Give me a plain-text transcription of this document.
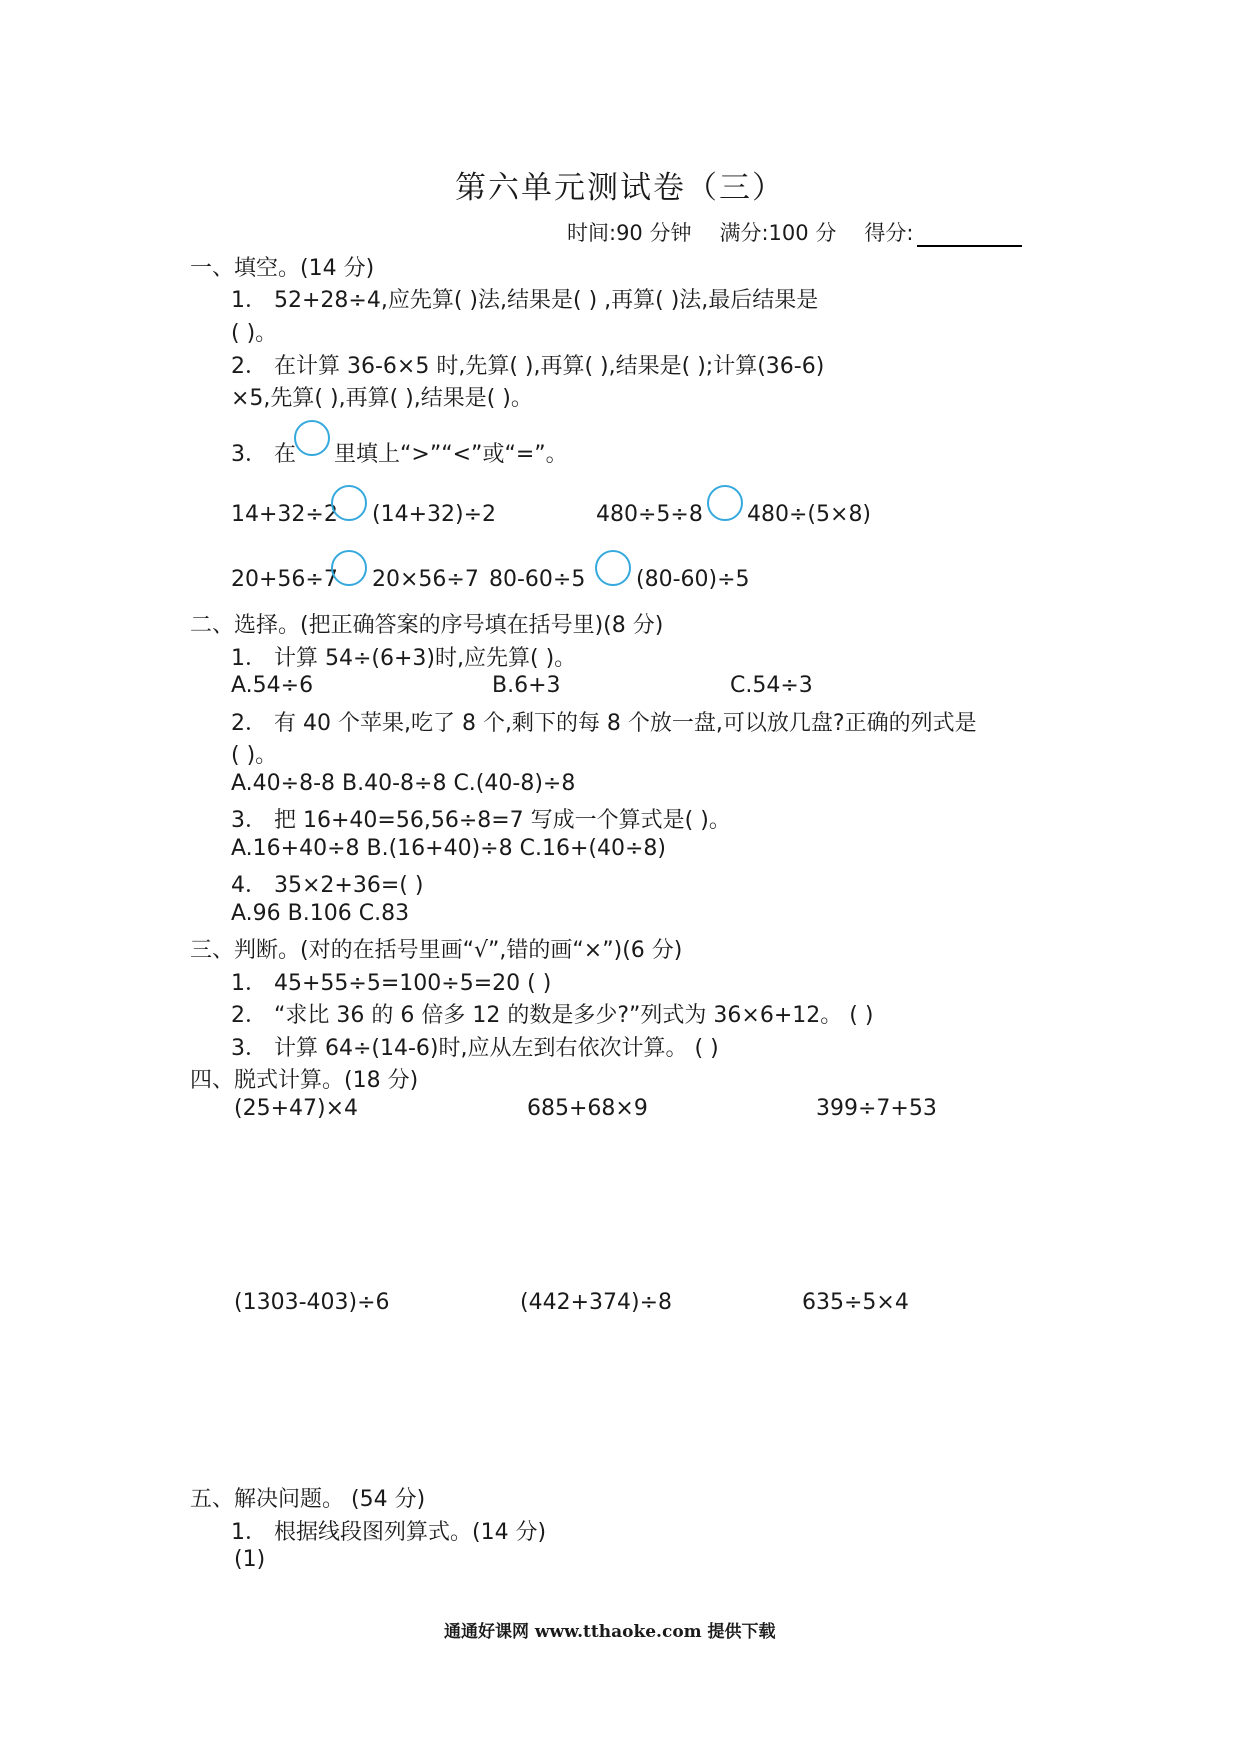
第六单元测试卷（三）
时间:90 分钟 满分:100 分 得分:
一、填空。(14 分)
1． 52+28÷4,应先算( )法,结果是( ) ,再算( )法,最后结果是
( )。
2． 在计算 36-6×5 时,先算( ),再算( ),结果是( );计算(36-6)
×5,先算( ),再算( ),结果是( )。
3． 在 里填上“>”“<”或“=”。
14+32÷2 (14+32)÷2	480÷5÷8 480÷(5×8)
20+56÷7 20×56÷7 80-60÷5 (80-60)÷5
二、选择。(把正确答案的序号填在括号里)(8 分)
1． 计算 54÷(6+3)时,应先算( )。
A.54÷6	B.6+3	C.54÷3
2． 有 40 个苹果,吃了 8 个,剩下的每 8 个放一盘,可以放几盘?正确的列式是
( )。
A.40÷8-8 B.40-8÷8 C.(40-8)÷8
3． 把 16+40=56,56÷8=7 写成一个算式是( )。
A.16+40÷8 B.(16+40)÷8 C.16+(40÷8)
4． 35×2+36=( )
A.96 B.106 C.83
三、判断。(对的在括号里画“√”,错的画“×”)(6 分)
1． 45+55÷5=100÷5=20 ( )
2． “求比 36 的 6 倍多 12 的数是多少?”列式为 36×6+12。 ( )
3． 计算 64÷(14-6)时,应从左到右依次计算。 ( )
四、脱式计算。(18 分)
(25+47)×4	685+68×9	399÷7+53
(1303-403)÷6	(442+374)÷8	635÷5×4
五、解决问题。 (54 分)
1． 根据线段图列算式。(14 分)
(1)
通通好课网 www.tthaoke.com 提供下载
